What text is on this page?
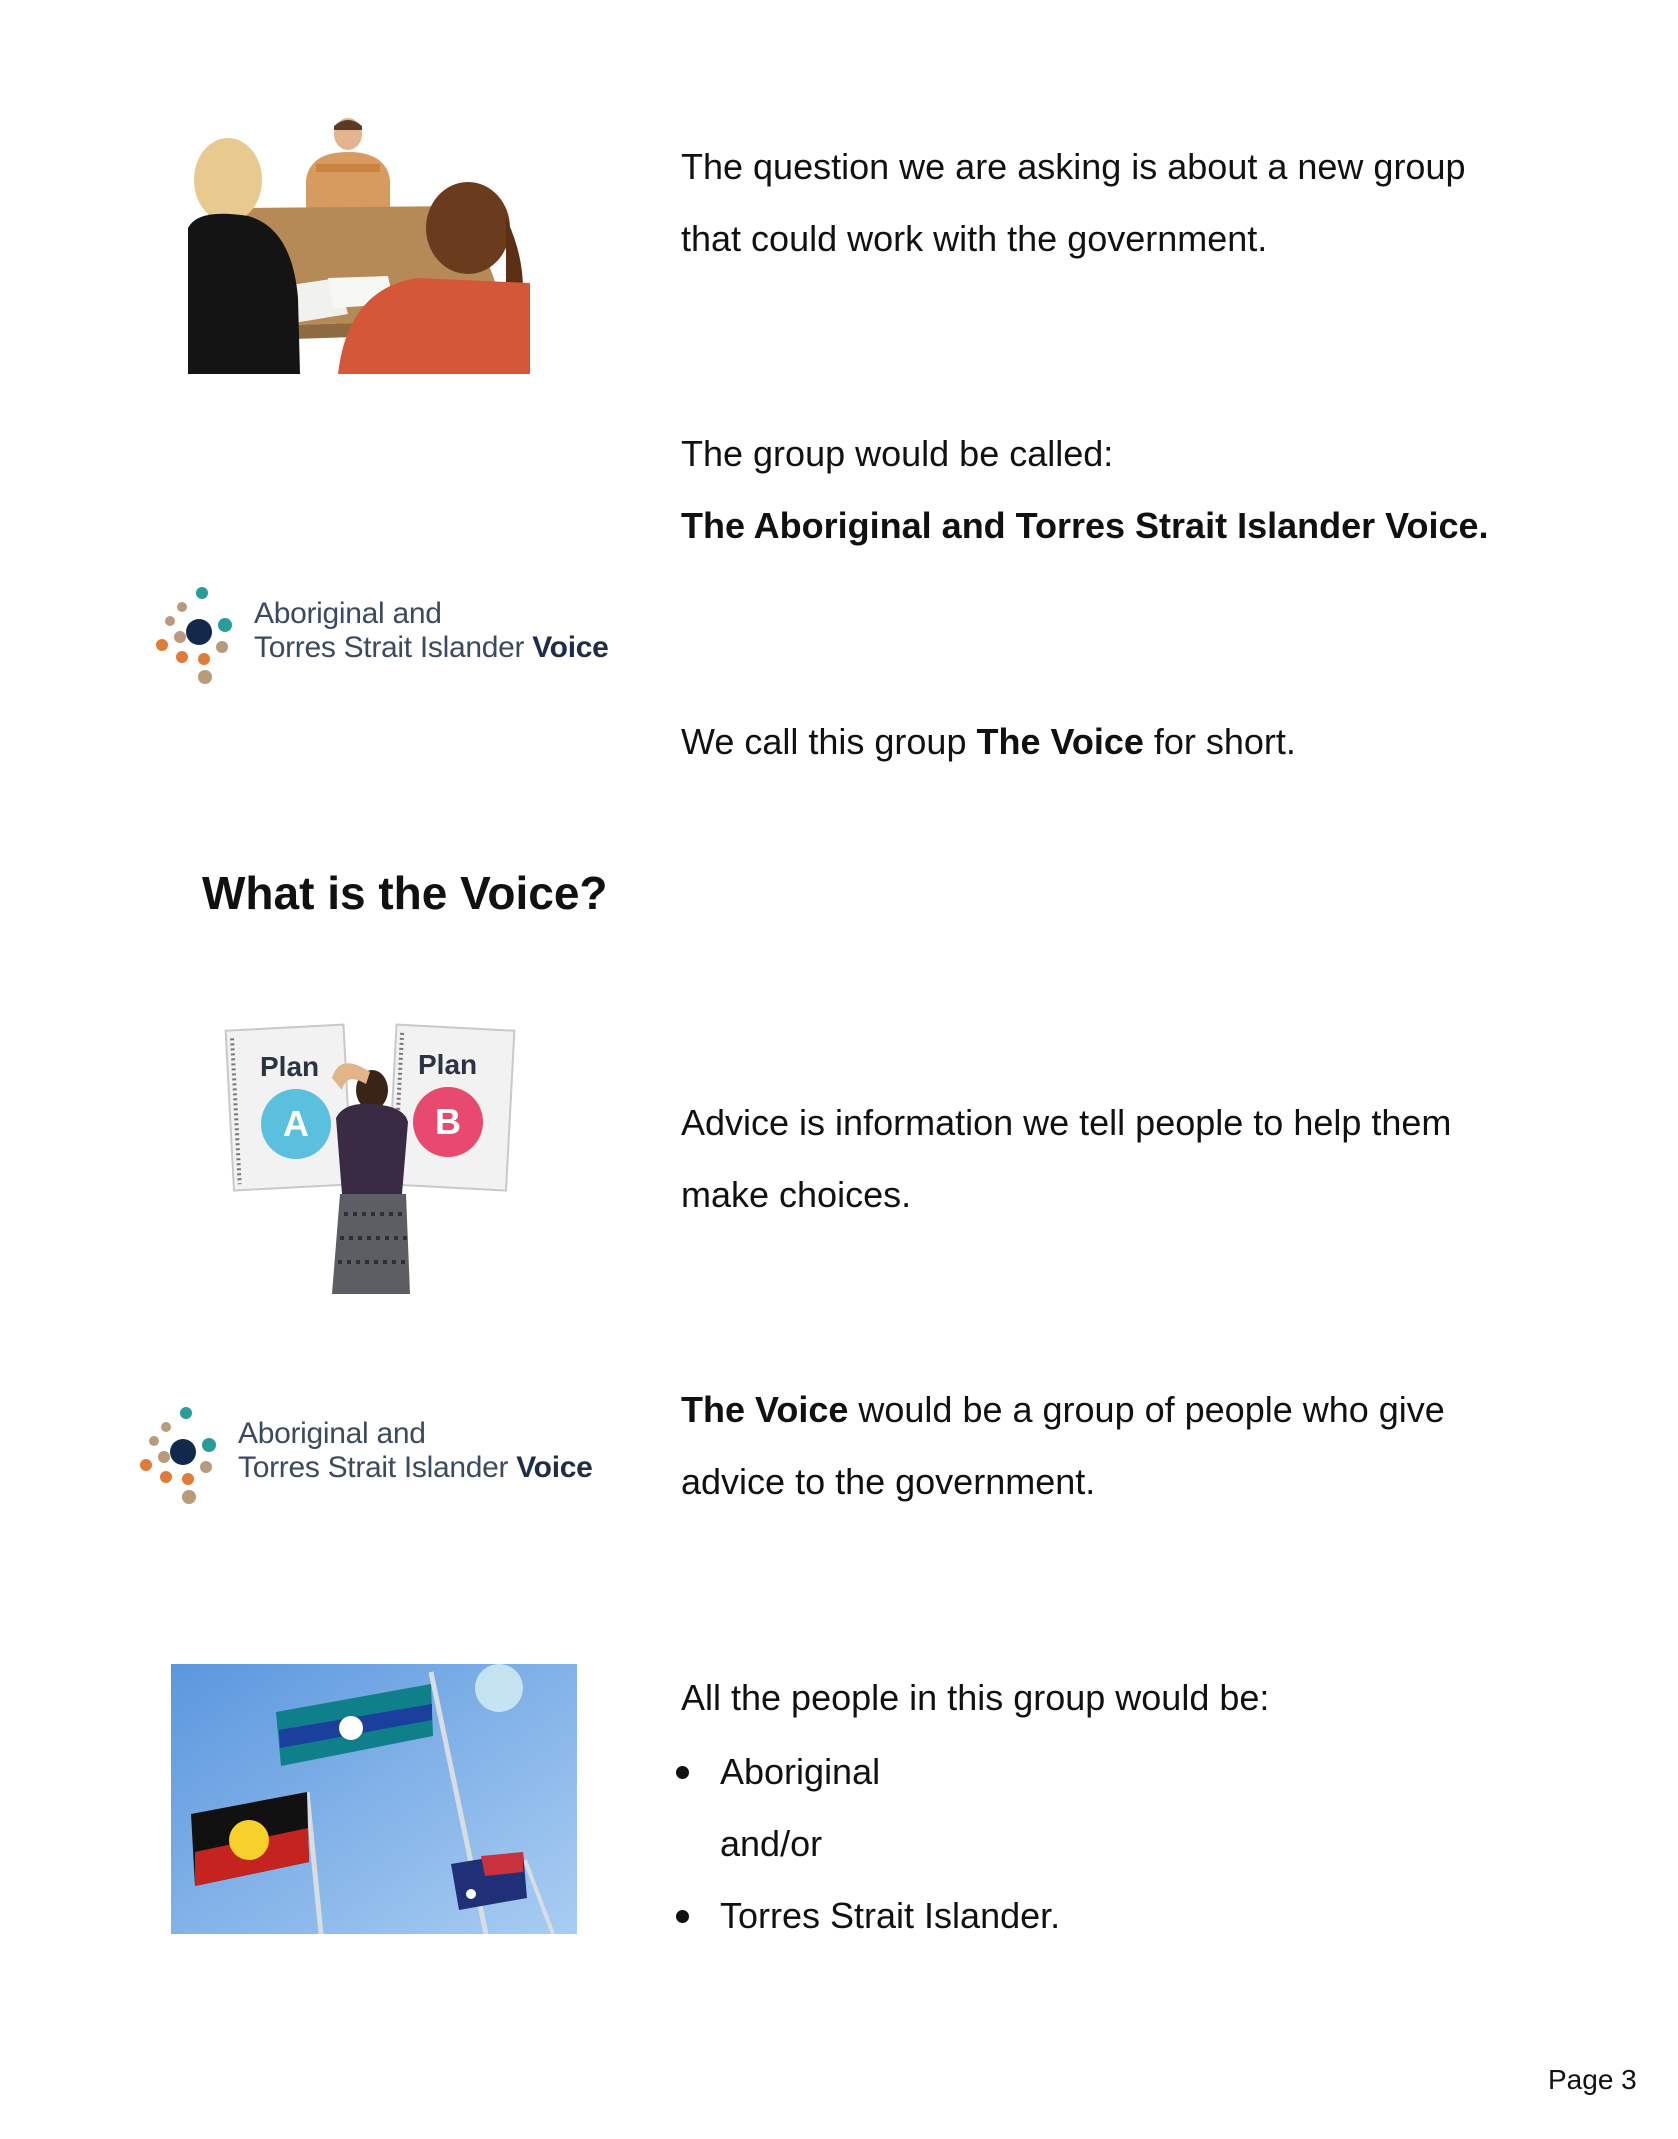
The question we are asking is about a new group
that could work with the government.

The group would be called:
The Aboriginal and Torres Strait Islander Voice.

Aboriginal and
Torres Strait Islander Voice

We call this group The Voice for short.

What is the Voice?
Plan	Plan
A	B	Advice is information we tell people to help them
make choices.

Aboriginal and
Torres Strait Islander Voice

The Voice would be a group of people who give
advice to the government.

All the people in this group would be:

Aboriginal
and/or
Torres Strait Islander.
Page 3
